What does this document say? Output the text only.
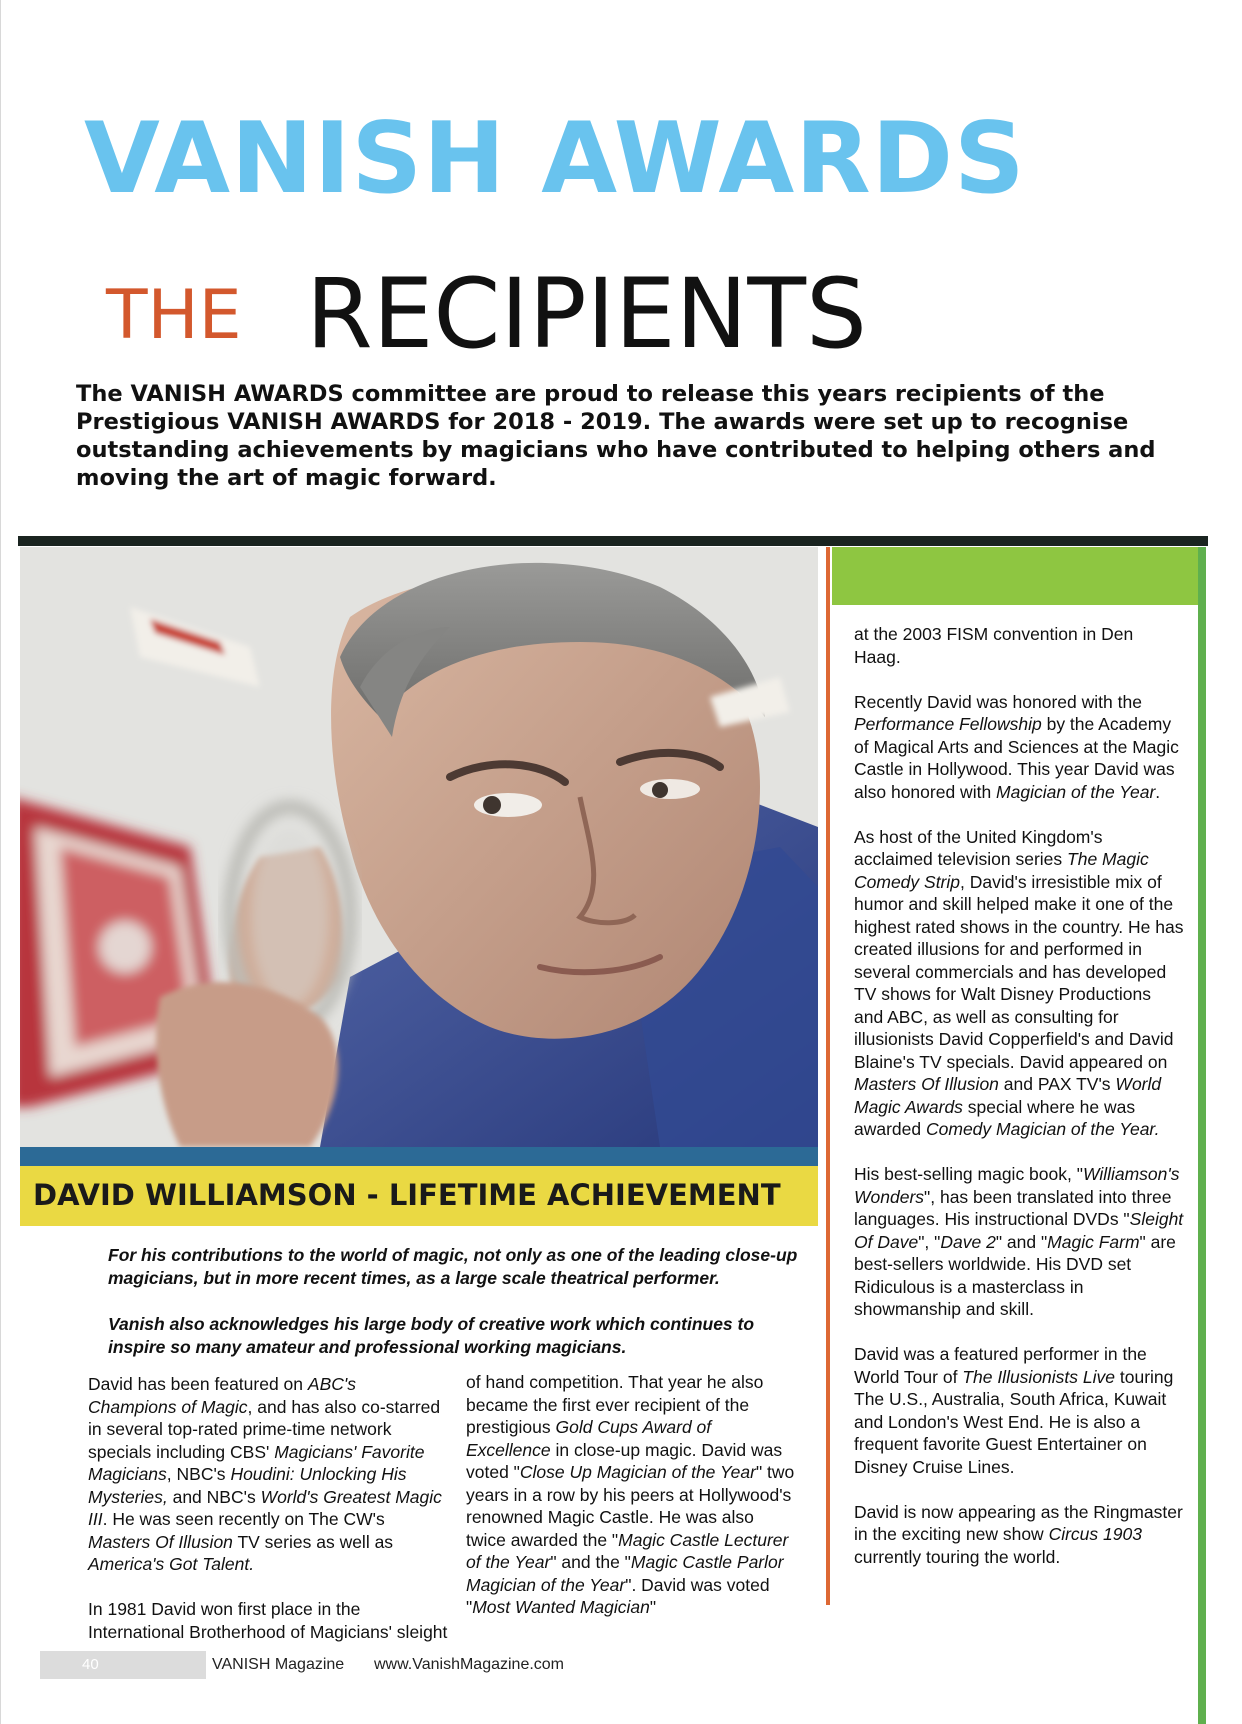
VANISH AWARDS
THE RECIPIENTS

The VANISH AWARDS committee are proud to release this years recipients of the Prestigious VANISH AWARDS for 2018 - 2019. The awards were set up to recognise outstanding achievements by magicians who have contributed to helping others and moving the art of magic forward.

DAVID WILLIAMSON - LIFETIME ACHIEVEMENT

For his contributions to the world of magic, not only as one of the leading close-up magicians, but in more recent times, as a large scale theatrical performer.

Vanish also acknowledges his large body of creative work which continues to inspire so many amateur and professional working magicians.

David has been featured on ABC's Champions of Magic, and has also co-starred in several top-rated prime-time network specials including CBS' Magicians' Favorite Magicians, NBC's Houdini: Unlocking His Mysteries, and NBC's World's Greatest Magic III. He was seen recently on The CW's Masters Of Illusion TV series as well as America's Got Talent.

In 1981 David won first place in the International Brotherhood of Magicians' sleight

of hand competition. That year he also became the first ever recipient of the prestigious Gold Cups Award of Excellence in close-up magic. David was voted "Close Up Magician of the Year" two years in a row by his peers at Hollywood's renowned Magic Castle. He was also twice awarded the "Magic Castle Lecturer of the Year" and the "Magic Castle Parlor Magician of the Year". David was voted "Most Wanted Magician"

at the 2003 FISM convention in Den Haag.

Recently David was honored with the Performance Fellowship by the Academy of Magical Arts and Sciences at the Magic Castle in Hollywood. This year David was also honored with Magician of the Year.

As host of the United Kingdom's acclaimed television series The Magic Comedy Strip, David's irresistible mix of humor and skill helped make it one of the highest rated shows in the country. He has created illusions for and performed in several commercials and has developed TV shows for Walt Disney Productions and ABC, as well as consulting for illusionists David Copperfield's and David Blaine's TV specials. David appeared on Masters Of Illusion and PAX TV's World Magic Awards special where he was awarded Comedy Magician of the Year.

His best-selling magic book, "Williamson's Wonders", has been translated into three languages. His instructional DVDs "Sleight Of Dave", "Dave 2" and "Magic Farm" are best-sellers worldwide. His DVD set Ridiculous is a masterclass in showmanship and skill.

David was a featured performer in the World Tour of The Illusionists Live touring The U.S., Australia, South Africa, Kuwait and London's West End. He is also a frequent favorite Guest Entertainer on Disney Cruise Lines.

David is now appearing as the Ringmaster in the exciting new show Circus 1903 currently touring the world.

40	VANISH Magazine www.VanishMagazine.com
